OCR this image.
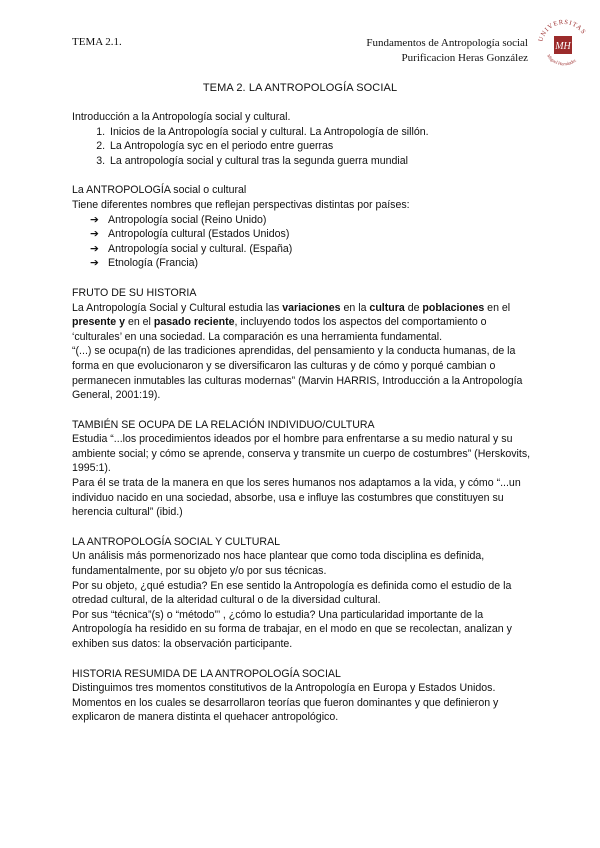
TEMA 2.1.	Fundamentos de Antropología social
Purificacion Heras González
UNIVERSITAS
MH
Miguel Hernández
TEMA 2. LA ANTROPOLOGÍA SOCIAL

Introducción a la Antropología social y cultural.

1. Inicios de la Antropología social y cultural. La Antropología de sillón.
2. La Antropología syc en el periodo entre guerras
3. La antropología social y cultural tras la segunda guerra mundial

La ANTROPOLOGÍA social o cultural

Tiene diferentes nombres que reflejan perspectivas distintas por países:

➔ Antropología social (Reino Unido)
➔ Antropología cultural (Estados Unidos)
➔ Antropología social y cultural. (España)
➔ Etnología (Francia)

FRUTO DE SU HISTORIA

La Antropología Social y Cultural estudia las variaciones en la cultura de poblaciones en el presente y en el pasado reciente, incluyendo todos los aspectos del comportamiento o ‘culturales’ en una sociedad. La comparación es una herramienta fundamental.

“(...) se ocupa(n) de las tradiciones aprendidas, del pensamiento y la conducta humanas, de la forma en que evolucionaron y se diversificaron las culturas y de cómo y porqué cambian o permanecen inmutables las culturas modernas” (Marvin HARRIS, Introducción a la Antropología General, 2001:19).

TAMBIÉN SE OCUPA DE LA RELACIÓN INDIVIDUO/CULTURA

Estudia “...los procedimientos ideados por el hombre para enfrentarse a su medio natural y su ambiente social; y cómo se aprende, conserva y transmite un cuerpo de costumbres” (Herskovits, 1995:1).

Para él se trata de la manera en que los seres humanos nos adaptamos a la vida, y cómo “...un individuo nacido en una sociedad, absorbe, usa e influye las costumbres que constituyen su herencia cultural” (ibid.)

LA ANTROPOLOGÍA SOCIAL Y CULTURAL

Un análisis más pormenorizado nos hace plantear que como toda disciplina es definida, fundamentalmente, por su objeto y/o por sus técnicas.

Por su objeto, ¿qué estudia? En ese sentido la Antropología es definida como el estudio de la otredad cultural, de la alteridad cultural o de la diversidad cultural.

Por sus “técnica”(s) o “método”’ , ¿cómo lo estudia? Una particularidad importante de la Antropología ha residido en su forma de trabajar, en el modo en que se recolectan, analizan y exhiben sus datos: la observación participante.

HISTORIA RESUMIDA DE LA ANTROPOLOGÍA SOCIAL

Distinguimos tres momentos constitutivos de la Antropología en Europa y Estados Unidos. Momentos en los cuales se desarrollaron teorías que fueron dominantes y que definieron y explicaron de manera distinta el quehacer antropológico.
